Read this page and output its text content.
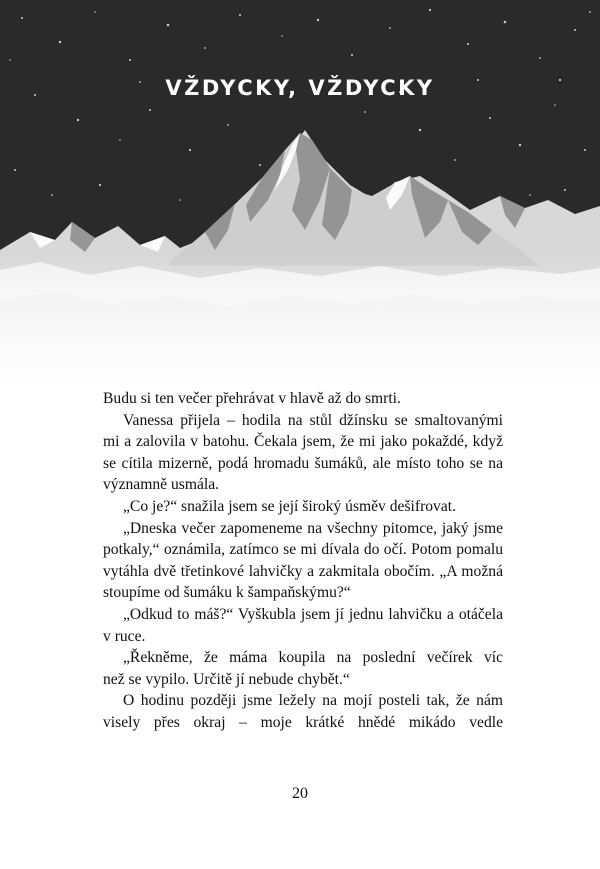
VŽDYCKY, VŽDYCKY
Budu si ten večer přehrávat v hlavě až do smrti.
Vanessa přijela – hodila na stůl džínsku se smaltovanými
mi a zalovila v batohu. Čekala jsem, že mi jako pokaždé, když
se cítila mizerně, podá hromadu šumáků, ale místo toho se na
významně usmála.
„Co je?“ snažila jsem se její široký úsměv dešifrovat.
„Dneska večer zapomeneme na všechny pitomce, jaký jsme
potkaly,“ oznámila, zatímco se mi dívala do očí. Potom pomalu
vytáhla dvě třetinkové lahvičky a zakmitala obočím. „A možná
stoupíme od šumáku k šampaňskýmu?“
„Odkud to máš?“ Vyškubla jsem jí jednu lahvičku a otáčela
v ruce.
„Řekněme, že máma koupila na poslední večírek víc
než se vypilo. Určitě jí nebude chybět.“
O hodinu později jsme ležely na mojí posteli tak, že nám
visely přes okraj – moje krátké hnědé mikádo vedle
20
